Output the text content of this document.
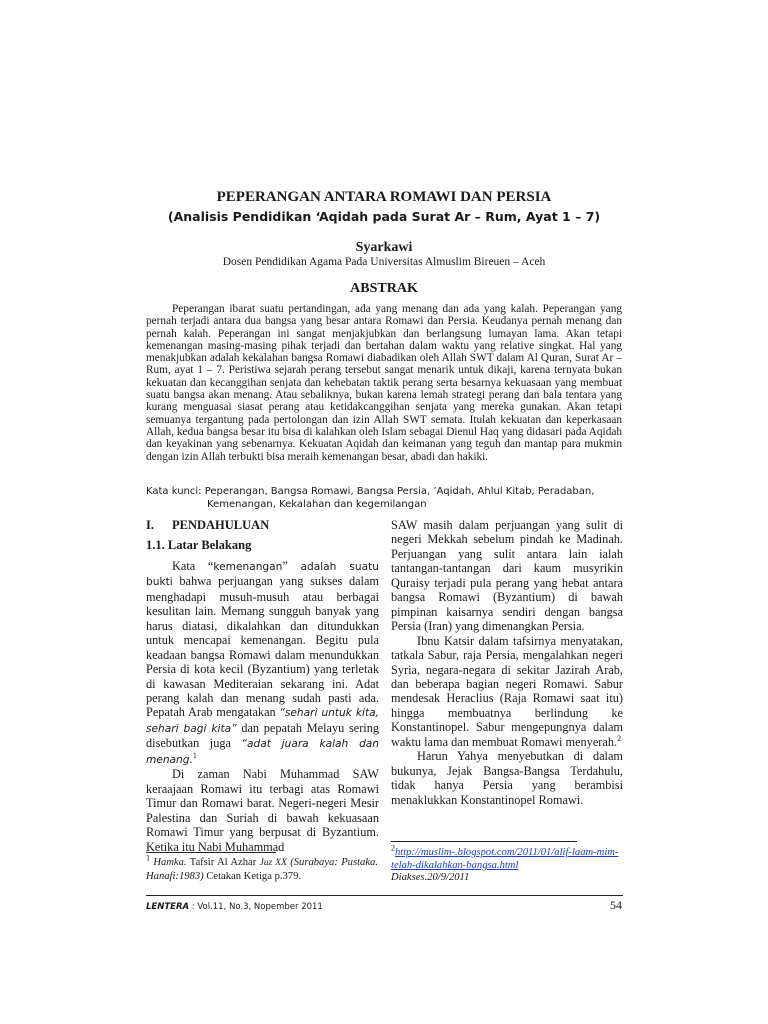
PEPERANGAN ANTARA ROMAWI DAN PERSIA
(Analisis Pendidikan ‘Aqidah pada Surat Ar – Rum, Ayat 1 – 7)
Syarkawi
Dosen Pendidikan Agama Pada Universitas Almuslim Bireuen – Aceh
ABSTRAK

Peperangan ibarat suatu pertandingan, ada yang menang dan ada yang kalah. Peperangan yang pernah terjadi antara dua bangsa yang besar antara Romawi dan Persia. Keudanya pernah menang dan pernah kalah. Peperangan ini sangat menjakjubkan dan berlangsung lumayan lama. Akan tetapi kemenangan masing-masing pihak terjadi dan bertahan dalam waktu yang relative singkat. Hal yang menakjubkan adalah kekalahan bangsa Romawi diabadikan oleh Allah SWT dalam Al Quran, Surat Ar – Rum, ayat 1 – 7. Peristiwa sejarah perang tersebut sangat menarik untuk dikaji, karena ternyata bukan kekuatan dan kecanggihan senjata dan kehebatan taktik perang serta besarnya kekuasaan yang membuat suatu bangsa akan menang. Atau sebaliknya, bukan karena lemah strategi perang dan bala tentara yang kurang menguasai siasat perang atau ketidakcanggihan senjata yang mereka gunakan. Akan tetapi semuanya tergantung pada pertolongan dan izin Allah SWT semata. Itulah kekuatan dan keperkasaan Allah, kedua bangsa besar itu bisa di kalahkan oleh Islam sebagai Dienul Haq yang didasari pada Aqidah dan keyakinan yang sebenarnya. Kekuatan Aqidah dan keimanan yang teguh dan mantap para mukmin dengan izin Allah terbukti bisa meraih kemenangan besar, abadi dan hakiki.

Kata kunci: Peperangan, Bangsa Romawi, Bangsa Persia, ’Aqidah, Ahlul Kitab, Peradaban,
Kemenangan, Kekalahan dan kegemilangan
I.	PENDAHULUAN
1.1. Latar Belakang

Kata “kemenangan” adalah suatu bukti bahwa perjuangan yang sukses dalam menghadapi musuh-musuh atau berbagai kesulitan lain. Memang sungguh banyak yang harus diatasi, dikalahkan dan ditundukkan untuk mencapai kemenangan. Begitu pula keadaan bangsa Romawi dalam menundukkan Persia di kota kecil (Byzantium) yang terletak di kawasan Mediteraian sekarang ini. Adat perang kalah dan menang sudah pasti ada. Pepatah Arab mengatakan “sehari untuk kita, sehari bagi kita” dan pepatah Melayu sering disebutkan juga “adat juara kalah dan menang.$^1$

Di zaman Nabi Muhammad SAW keraajaan Romawi itu terbagi atas Romawi Timur dan Romawi barat. Negeri-negeri Mesir Palestina dan Suriah di bawah kekuasaan Romawi Timur yang berpusat di Byzantium. Ketika itu Nabi Muhammad

SAW masih dalam perjuangan yang sulit di negeri Mekkah sebelum pindah ke Madinah. Perjuangan yang sulit antara lain ialah tantangan-tantangan dari kaum musyrikin Quraisy terjadi pula perang yang hebat antara bangsa Romawi (Byzantium) di bawah pimpinan kaisarnya sendiri dengan bangsa Persia (Iran) yang dimenangkan Persia.

Ibnu Katsir dalam tafsirnya menyatakan, tatkala Sabur, raja Persia, mengalahkan negeri Syria, negara-negara di sekitar Jazirah Arab, dan beberapa bagian negeri Romawi. Sabur mendesak Heraclius (Raja Romawi saat itu) hingga membuatnya berlindung ke Konstantinopel. Sabur mengepungnya dalam waktu lama dan membuat Romawi menyerah.$^2$

Harun Yahya menyebutkan di dalam bukunya, Jejak Bangsa-Bangsa Terdahulu, tidak hanya Persia yang berambisi menaklukkan Konstantinopel Romawi.

$^1$ Hamka. Tafsir Al Azhar Juz XX (Surabaya: Pustaka. Hanafi:1983) Cetakan Ketiga p.379.
$^2$http://muslim-.blogspot.com/2011/01/alif-laam-mim-telah-dikalahkan-bangsa.html
Diakses.20/9/2011
LENTERA : Vol.11, No.3, Nopember 2011	54
